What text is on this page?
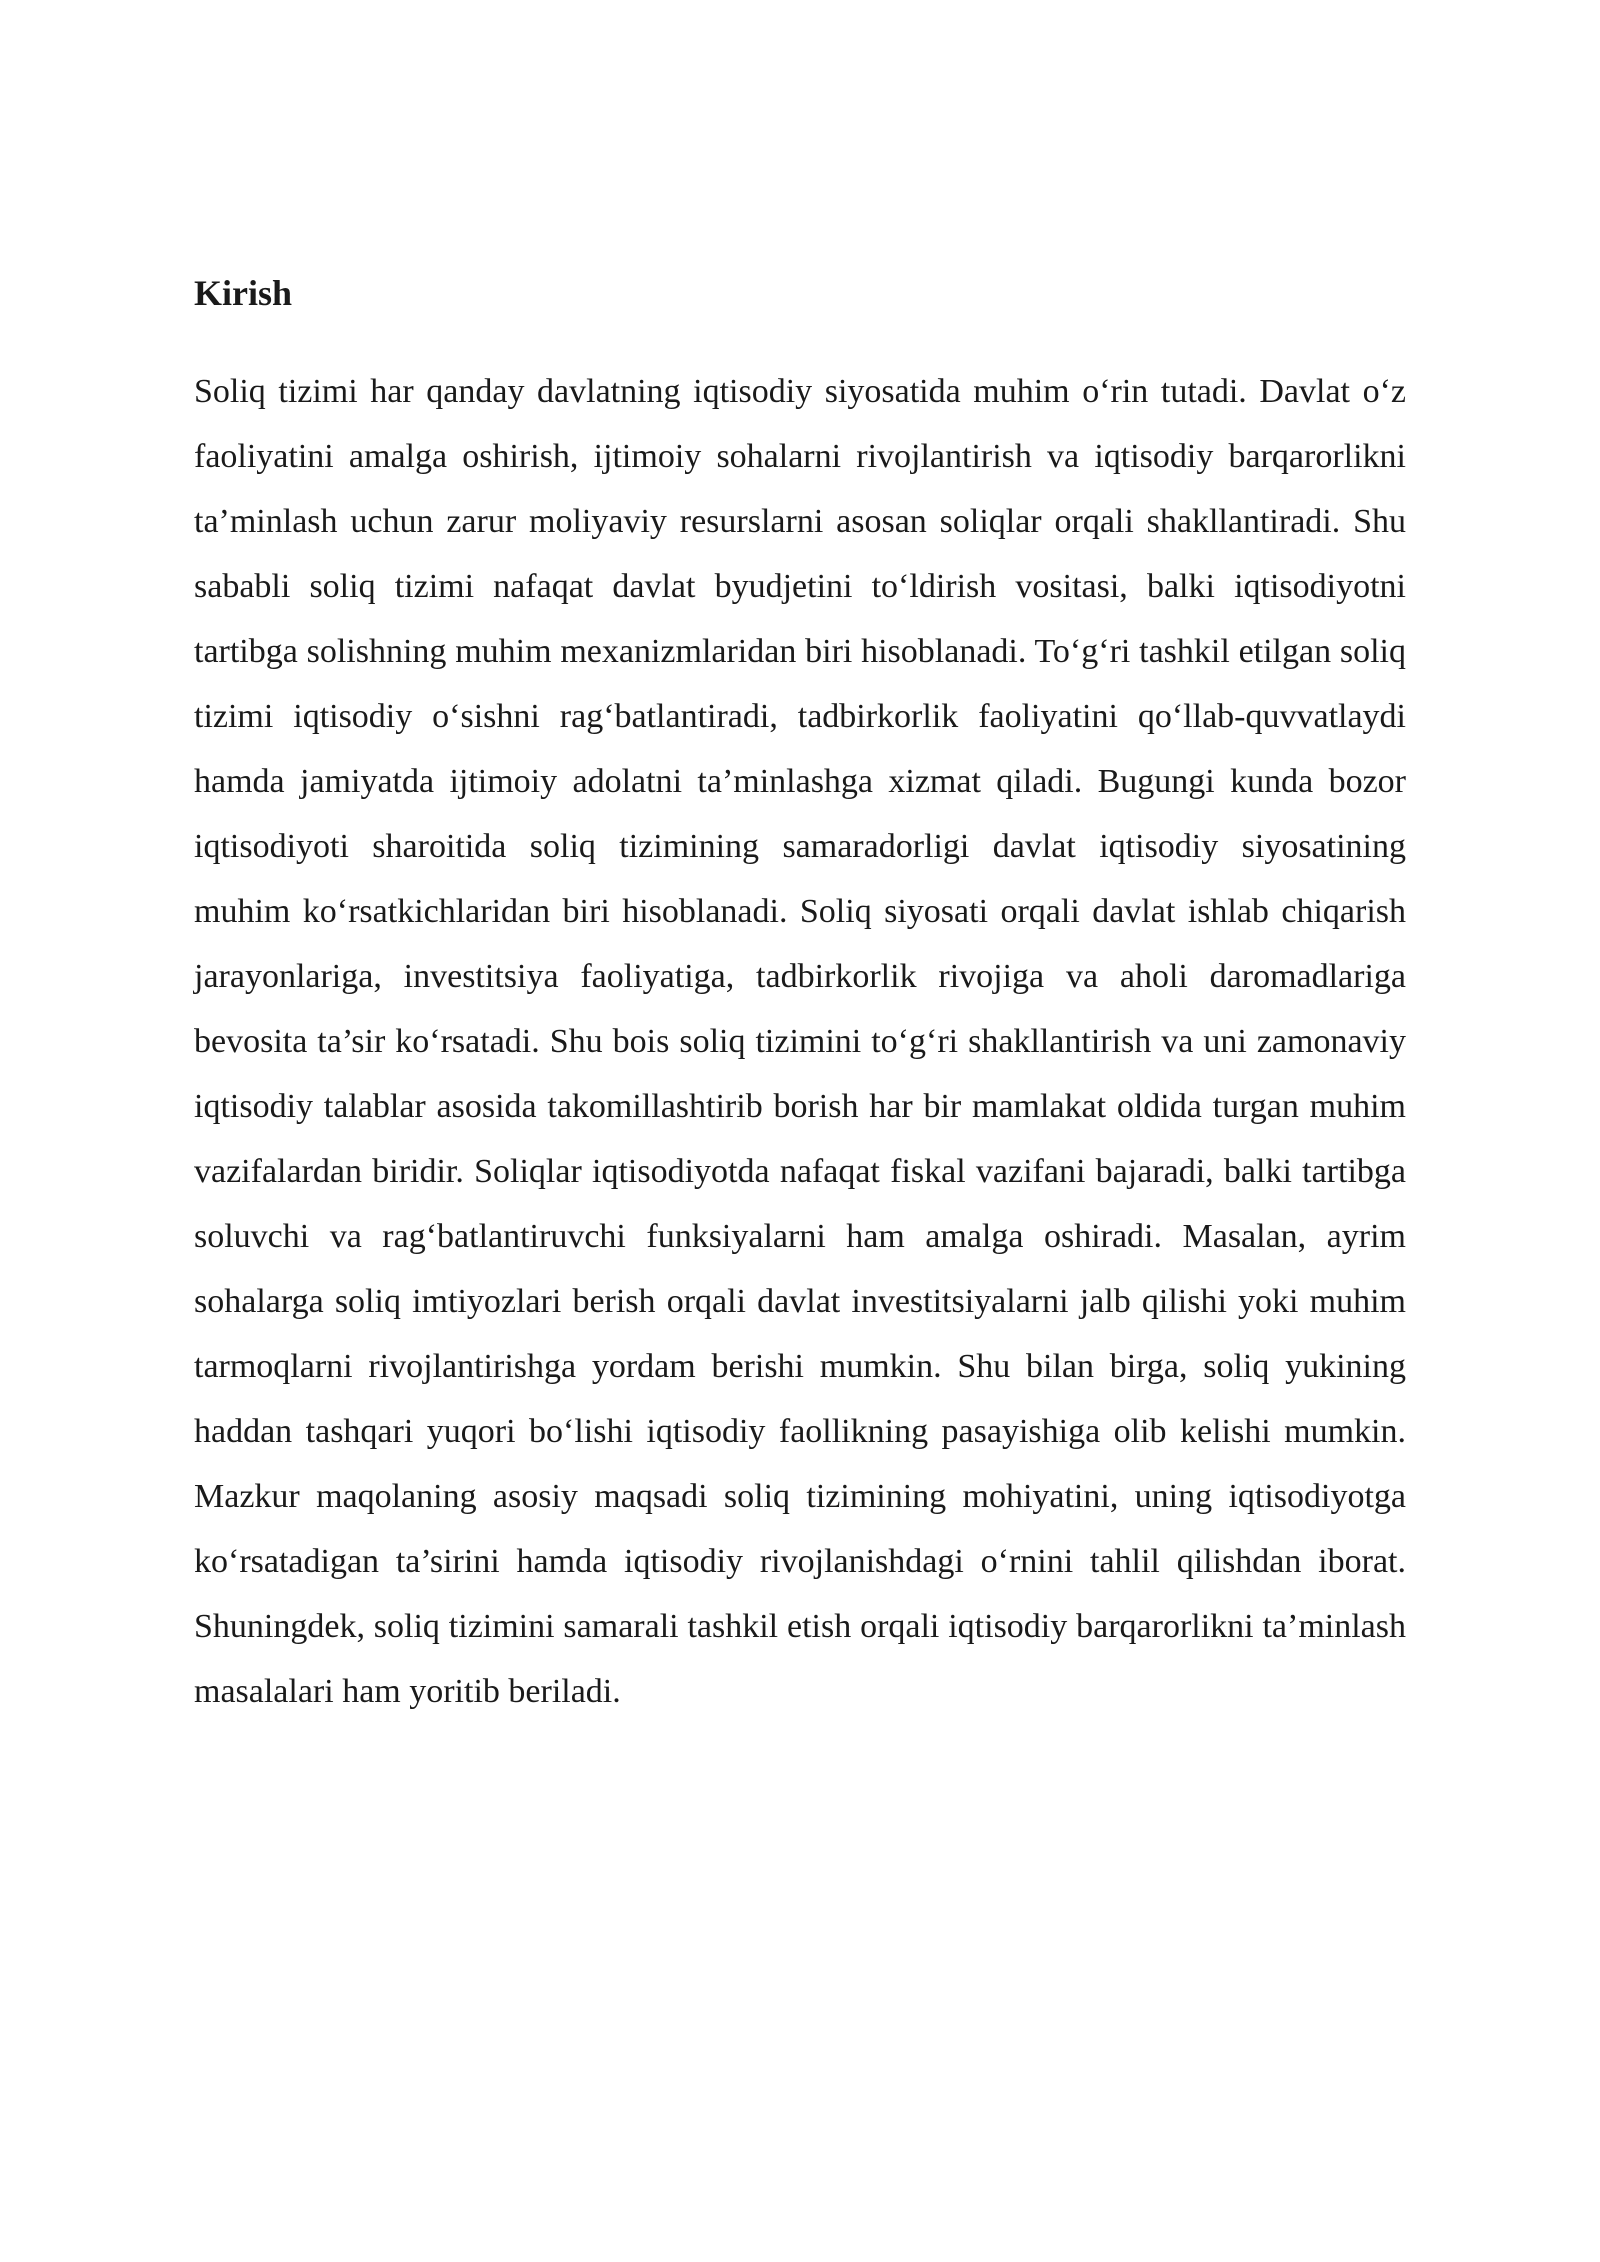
Kirish

Soliq tizimi har qanday davlatning iqtisodiy siyosatida muhim o‘rin tutadi. Davlat o‘z faoliyatini amalga oshirish, ijtimoiy sohalarni rivojlantirish va iqtisodiy barqarorlikni ta’minlash uchun zarur moliyaviy resurslarni asosan soliqlar orqali shakllantiradi. Shu sababli soliq tizimi nafaqat davlat byudjetini to‘ldirish vositasi, balki iqtisodiyotni tartibga solishning muhim mexanizmlaridan biri hisoblanadi. To‘g‘ri tashkil etilgan soliq tizimi iqtisodiy o‘sishni rag‘batlantiradi, tadbirkorlik faoliyatini qo‘llab-quvvatlaydi hamda jamiyatda ijtimoiy adolatni ta’minlashga xizmat qiladi. Bugungi kunda bozor iqtisodiyoti sharoitida soliq tizimining samaradorligi davlat iqtisodiy siyosatining muhim ko‘rsatkichlaridan biri hisoblanadi. Soliq siyosati orqali davlat ishlab chiqarish jarayonlariga, investitsiya faoliyatiga, tadbirkorlik rivojiga va aholi daromadlariga bevosita ta’sir ko‘rsatadi. Shu bois soliq tizimini to‘g‘ri shakllantirish va uni zamonaviy iqtisodiy talablar asosida takomillashtirib borish har bir mamlakat oldida turgan muhim vazifalardan biridir. Soliqlar iqtisodiyotda nafaqat fiskal vazifani bajaradi, balki tartibga soluvchi va rag‘batlantiruvchi funksiyalarni ham amalga oshiradi. Masalan, ayrim sohalarga soliq imtiyozlari berish orqali davlat investitsiyalarni jalb qilishi yoki muhim tarmoqlarni rivojlantirishga yordam berishi mumkin. Shu bilan birga, soliq yukining haddan tashqari yuqori bo‘lishi iqtisodiy faollikning pasayishiga olib kelishi mumkin. Mazkur maqolaning asosiy maqsadi soliq tizimining mohiyatini, uning iqtisodiyotga ko‘rsatadigan ta’sirini hamda iqtisodiy rivojlanishdagi o‘rnini tahlil qilishdan iborat. Shuningdek, soliq tizimini samarali tashkil etish orqali iqtisodiy barqarorlikni ta’minlash masalalari ham yoritib beriladi.
